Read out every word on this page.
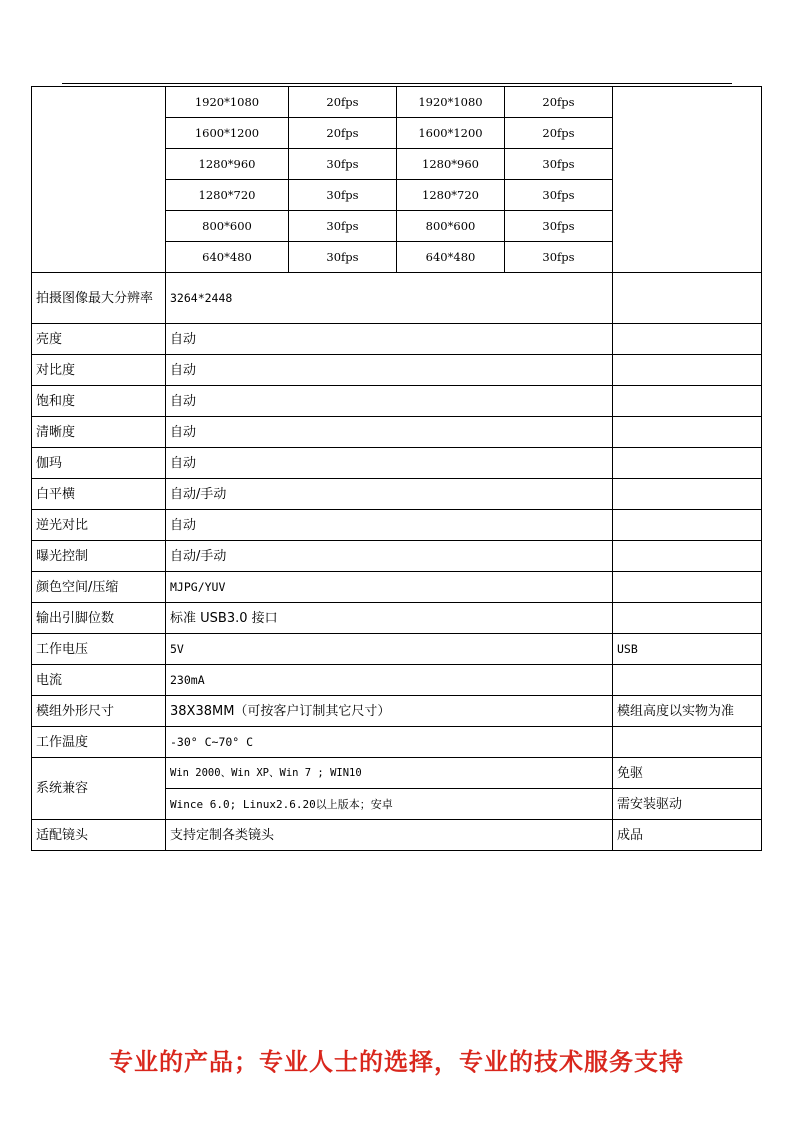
	1920*1080	20fps	1920*1080	20fps	
	1600*1200	20fps	1600*1200	20fps	
	1280*960	30fps	1280*960	30fps	
	1280*720	30fps	1280*720	30fps	
	800*600	30fps	800*600	30fps	
	640*480	30fps	640*480	30fps	
拍摄图像最大分辨率	3264*2448				
亮度	自动				
对比度	自动				
饱和度	自动				
清晰度	自动				
伽玛	自动				
白平横	自动/手动				
逆光对比	自动				
曝光控制	自动/手动				
颜色空间/压缩	MJPG/YUV				
输出引脚位数	标准 USB3.0 接口				
工作电压	5V				USB
电流	230mA				
模组外形尺寸	38X38MM（可按客户订制其它尺寸）				模组高度以实物为准
工作温度	-30° C~70° C				
系统兼容	Win 2000、Win XP、Win 7 ; WIN10				免驱
	Wince 6.0; Linux2.6.20以上版本；安卓				需安装驱动
适配镜头	支持定制各类镜头				成品
专业的产品；专业人士的选择，专业的技术服务支持
